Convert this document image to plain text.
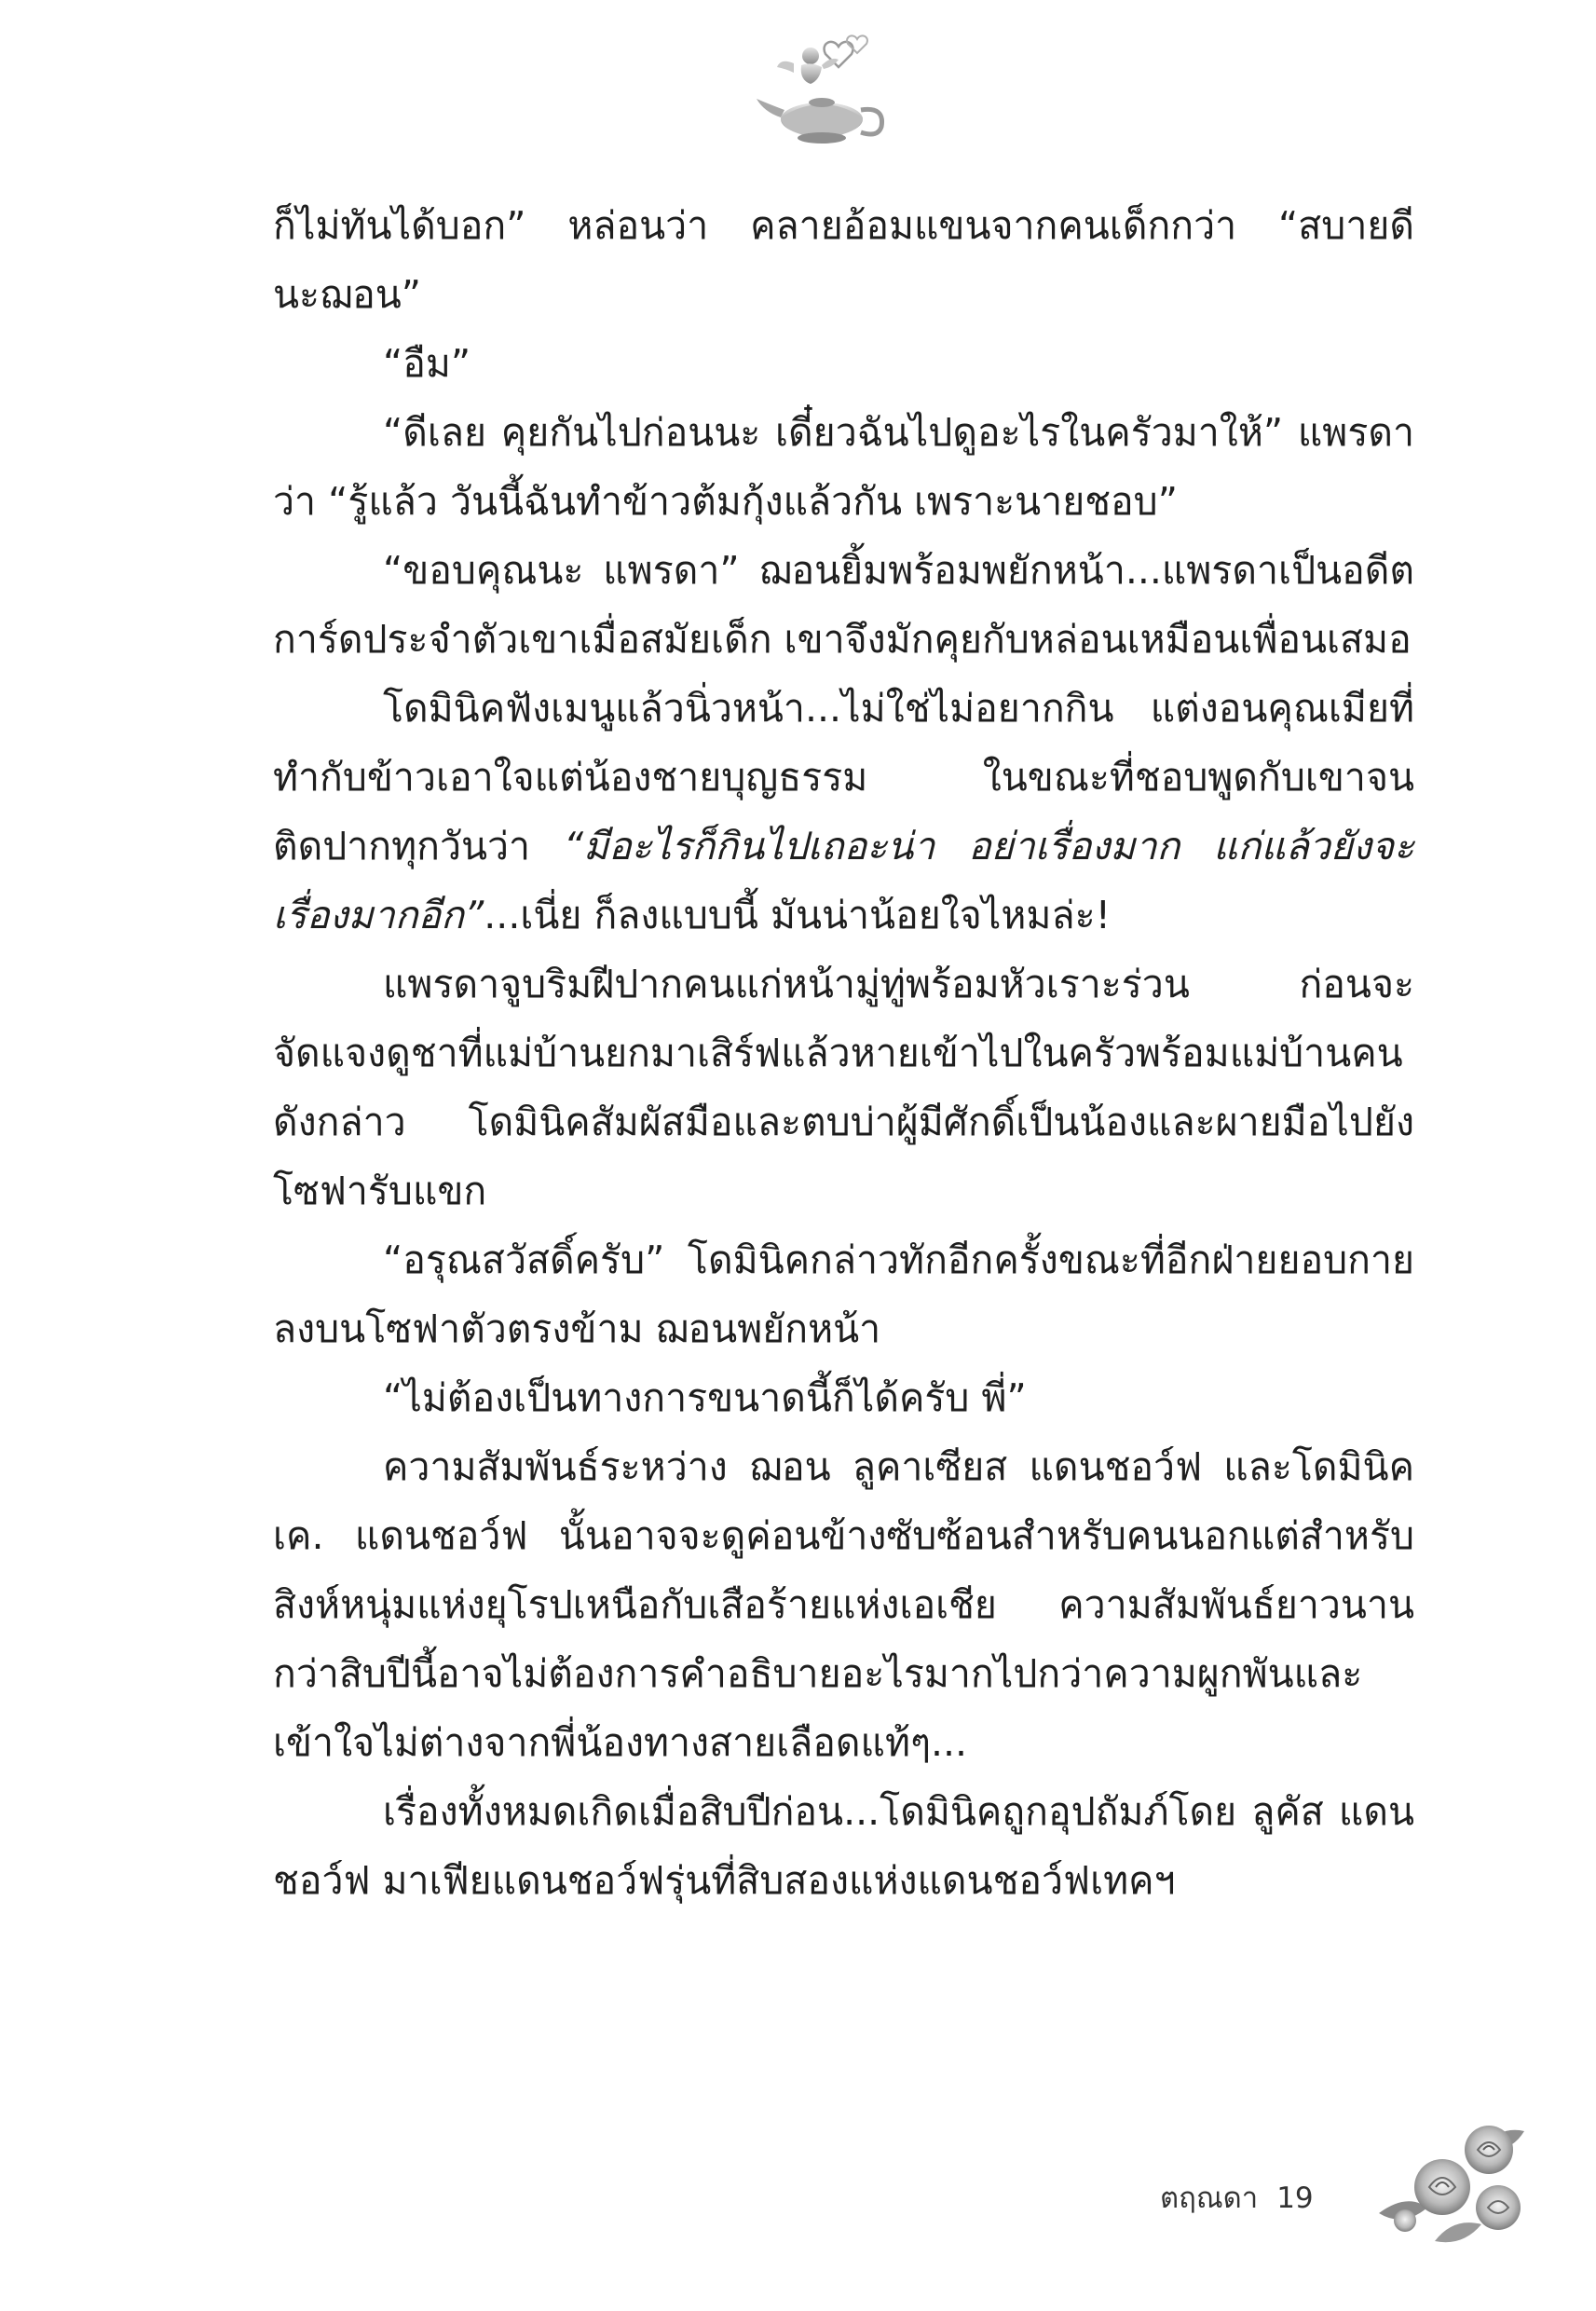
ก็ไม่ทันได้บอก” หล่อนว่า คลายอ้อมแขนจากคนเด็กกว่า “สบายดีนะฌอน”

“อืม”

“ดีเลย คุยกันไปก่อนนะ เดี๋ยวฉันไปดูอะไรในครัวมาให้” แพรดาว่า “รู้แล้ว วันนี้ฉันทำข้าวต้มกุ้งแล้วกัน เพราะนายชอบ”

“ขอบคุณนะ แพรดา” ฌอนยิ้มพร้อมพยักหน้า...แพรดาเป็นอดีตการ์ดประจำตัวเขาเมื่อสมัยเด็ก เขาจึงมักคุยกับหล่อนเหมือนเพื่อนเสมอ

โดมินิคฟังเมนูแล้วนิ่วหน้า...ไม่ใช่ไม่อยากกิน แต่งอนคุณเมียที่ทำกับข้าวเอาใจแต่น้องชายบุญธรรม ในขณะที่ชอบพูดกับเขาจนติดปากทุกวันว่า “มีอะไรก็กินไปเถอะน่า อย่าเรื่องมาก แก่แล้วยังจะเรื่องมากอีก”...เนี่ย ก็ลงแบบนี้ มันน่าน้อยใจไหมล่ะ!

แพรดาจูบริมฝีปากคนแก่หน้ามู่ทู่พร้อมหัวเราะร่วน ก่อนจะจัดแจงดูชาที่แม่บ้านยกมาเสิร์ฟแล้วหายเข้าไปในครัวพร้อมแม่บ้านคนดังกล่าว โดมินิคสัมผัสมือและตบบ่าผู้มีศักดิ์เป็นน้องและผายมือไปยังโซฟารับแขก

“อรุณสวัสดิ์ครับ” โดมินิคกล่าวทักอีกครั้งขณะที่อีกฝ่ายยอบกายลงบนโซฟาตัวตรงข้าม ฌอนพยักหน้า

“ไม่ต้องเป็นทางการขนาดนี้ก็ได้ครับ พี่”

ความสัมพันธ์ระหว่าง ฌอน ลูคาเซียส แดนชอว์ฟ และโดมินิค เค. แดนชอว์ฟ นั้นอาจจะดูค่อนข้างซับซ้อนสำหรับคนนอกแต่สำหรับสิงห์หนุ่มแห่งยุโรปเหนือกับเสือร้ายแห่งเอเชีย ความสัมพันธ์ยาวนานกว่าสิบปีนี้อาจไม่ต้องการคำอธิบายอะไรมากไปกว่าความผูกพันและเข้าใจไม่ต่างจากพี่น้องทางสายเลือดแท้ๆ...

เรื่องทั้งหมดเกิดเมื่อสิบปีก่อน...โดมินิคถูกอุปถัมภ์โดย ลูคัส แดนชอว์ฟ มาเฟียแดนชอว์ฟรุ่นที่สิบสองแห่งแดนชอว์ฟเทคฯ

ตฤณดา 19
